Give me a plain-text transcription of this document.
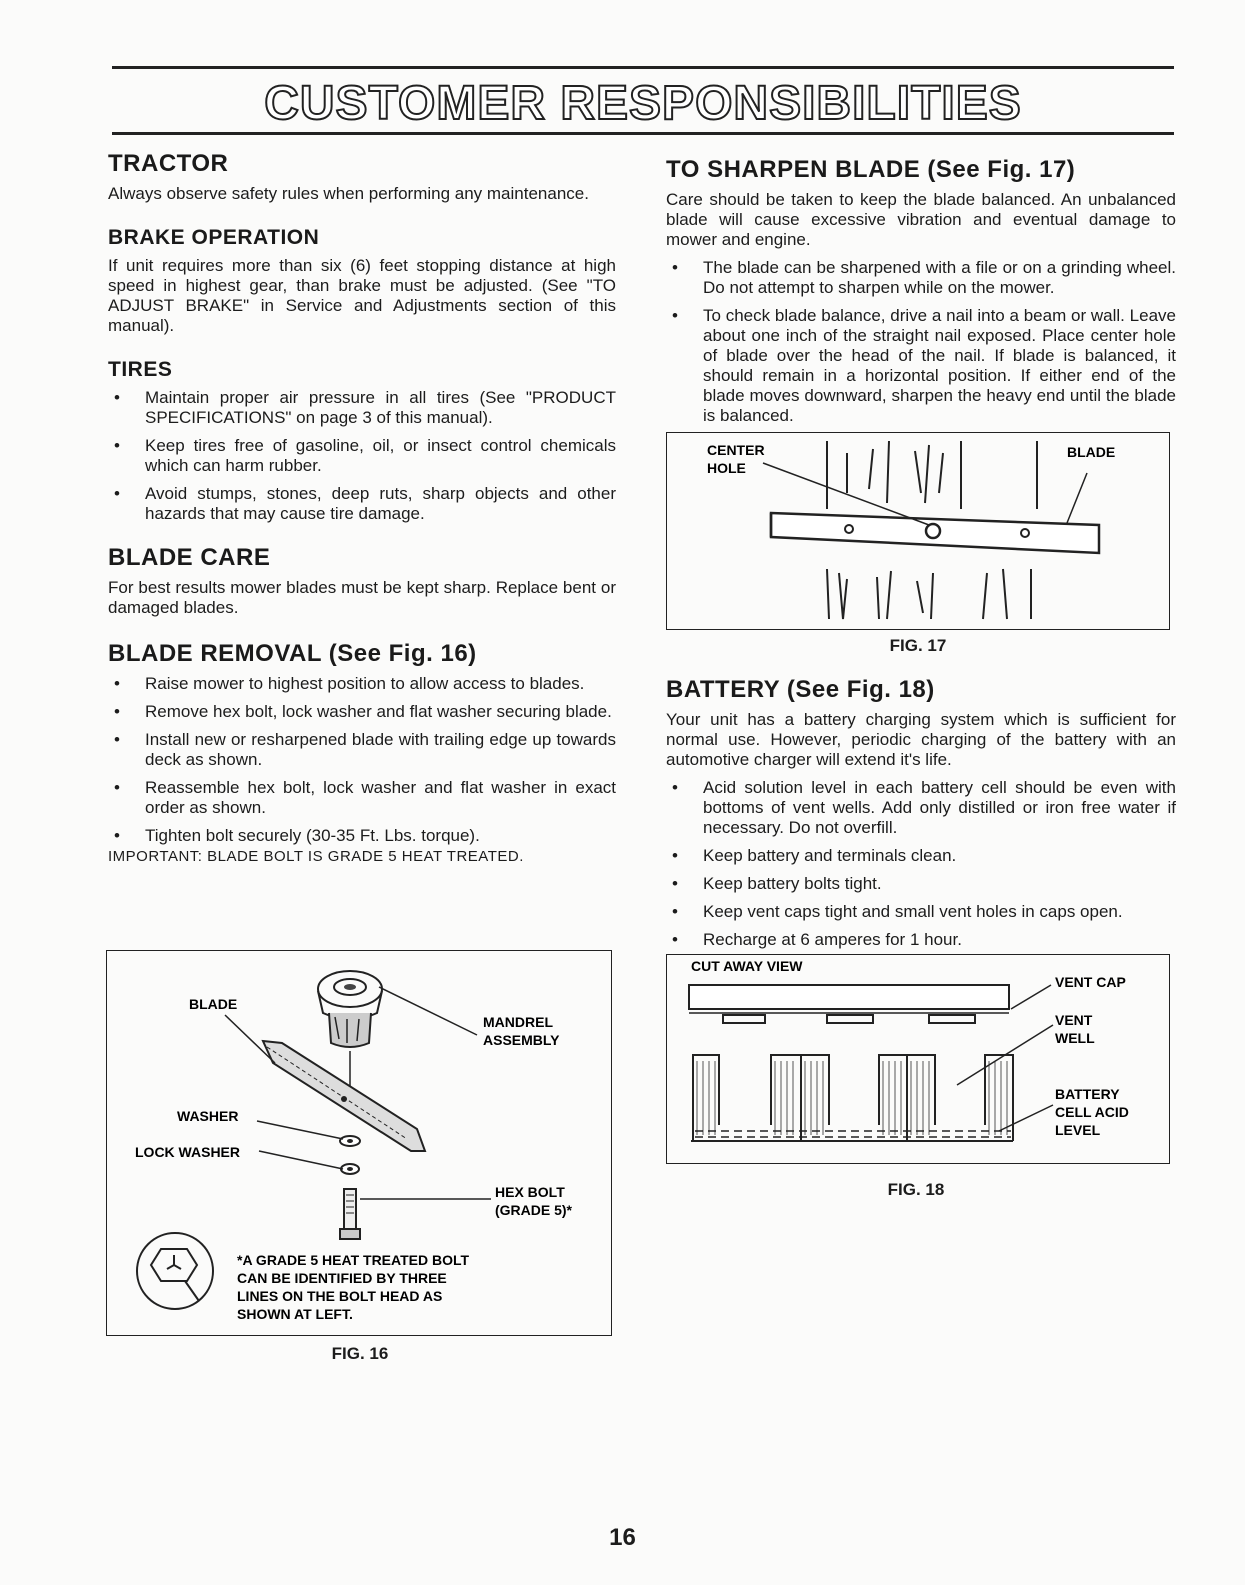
CUSTOMER RESPONSIBILITIES
TRACTOR

Always observe safety rules when performing any maintenance.

BRAKE OPERATION

If unit requires more than six (6) feet stopping distance at high speed in highest gear, than brake must be adjusted. (See "TO ADJUST BRAKE" in Service and Adjustments section of this manual).

TIRES
• Maintain proper air pressure in all tires (See "PRODUCT SPECIFICATIONS" on page 3 of this manual).
• Keep tires free of gasoline, oil, or insect control chemicals which can harm rubber.
• Avoid stumps, stones, deep ruts, sharp objects and other hazards that may cause tire damage.
BLADE CARE

For best results mower blades must be kept sharp. Replace bent or damaged blades.

BLADE REMOVAL (See Fig. 16)
• Raise mower to highest position to allow access to blades.
• Remove hex bolt, lock washer and flat washer securing blade.
• Install new or resharpened blade with trailing edge up towards deck as shown.
• Reassemble hex bolt, lock washer and flat washer in exact order as shown.
• Tighten bolt securely (30-35 Ft. Lbs. torque).
IMPORTANT: BLADE BOLT IS GRADE 5 HEAT TREATED.
BLADE
MANDREL
ASSEMBLY
WASHER
LOCK WASHER
HEX BOLT
(GRADE 5)*
*A GRADE 5 HEAT TREATED BOLT
CAN BE IDENTIFIED BY THREE
LINES ON THE BOLT HEAD AS
SHOWN AT LEFT.
FIG. 16
TO SHARPEN BLADE (See Fig. 17)

Care should be taken to keep the blade balanced. An unbalanced blade will cause excessive vibration and eventual damage to mower and engine.

• The blade can be sharpened with a file or on a grinding wheel. Do not attempt to sharpen while on the mower.
• To check blade balance, drive a nail into a beam or wall. Leave about one inch of the straight nail exposed. Place center hole of blade over the head of the nail. If blade is balanced, it should remain in a horizontal position. If either end of the blade moves downward, sharpen the heavy end until the blade is balanced.
CENTER
HOLE
BLADE
FIG. 17
BATTERY (See Fig. 18)

Your unit has a battery charging system which is sufficient for normal use. However, periodic charging of the battery with an automotive charger will extend it's life.

• Acid solution level in each battery cell should be even with bottoms of vent wells. Add only distilled or iron free water if necessary. Do not overfill.
• Keep battery and terminals clean.
• Keep battery bolts tight.
• Keep vent caps tight and small vent holes in caps open.
• Recharge at 6 amperes for 1 hour.
CUT AWAY VIEW
VENT CAP
VENT
WELL
BATTERY
CELL ACID
LEVEL
FIG. 18
16
